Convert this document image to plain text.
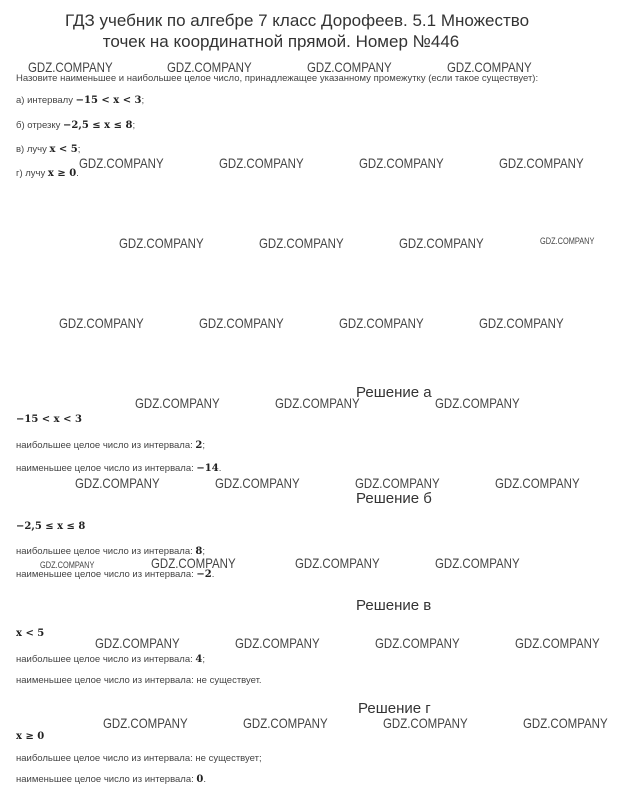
ГДЗ учебник по алгебре 7 класс Дорофеев. 5.1 Множество
точек на координатной прямой. Номер №446
Назовите наименьшее и наибольшее целое число, принадлежащее указанному промежутку (если такое существует):
а) интервалу −15 < x < 3;
б) отрезку −2,5 ≤ x ≤ 8;
в) лучу x < 5;
г) лучу x ≥ 0.
Решение а
−15 < x < 3
наибольшее целое число из интервала: 2;
наименьшее целое число из интервала: −14.
Решение б
−2,5 ≤ x ≤ 8
наибольшее целое число из интервала: 8;
наименьшее целое число из интервала: −2.
Решение в
x < 5
наибольшее целое число из интервала: 4;
наименьшее целое число из интервала: не существует.
Решение г
x ≥ 0
наибольшее целое число из интервала: не существует;
наименьшее целое число из интервала: 0.
GDZ.COMPANY	GDZ.COMPANY	GDZ.COMPANY	GDZ.COMPANY
GDZ.COMPANY	GDZ.COMPANY	GDZ.COMPANY	GDZ.COMPANY
GDZ.COMPANY	GDZ.COMPANY	GDZ.COMPANY	GDZ.COMPANY
GDZ.COMPANY	GDZ.COMPANY	GDZ.COMPANY	GDZ.COMPANY
GDZ.COMPANY	GDZ.COMPANY	GDZ.COMPANY
GDZ.COMPANY	GDZ.COMPANY	GDZ.COMPANY	GDZ.COMPANY
GDZ.COMPANY	GDZ.COMPANY	GDZ.COMPANY	GDZ.COMPANY
GDZ.COMPANY	GDZ.COMPANY	GDZ.COMPANY	GDZ.COMPANY
GDZ.COMPANY	GDZ.COMPANY	GDZ.COMPANY	GDZ.COMPANY
